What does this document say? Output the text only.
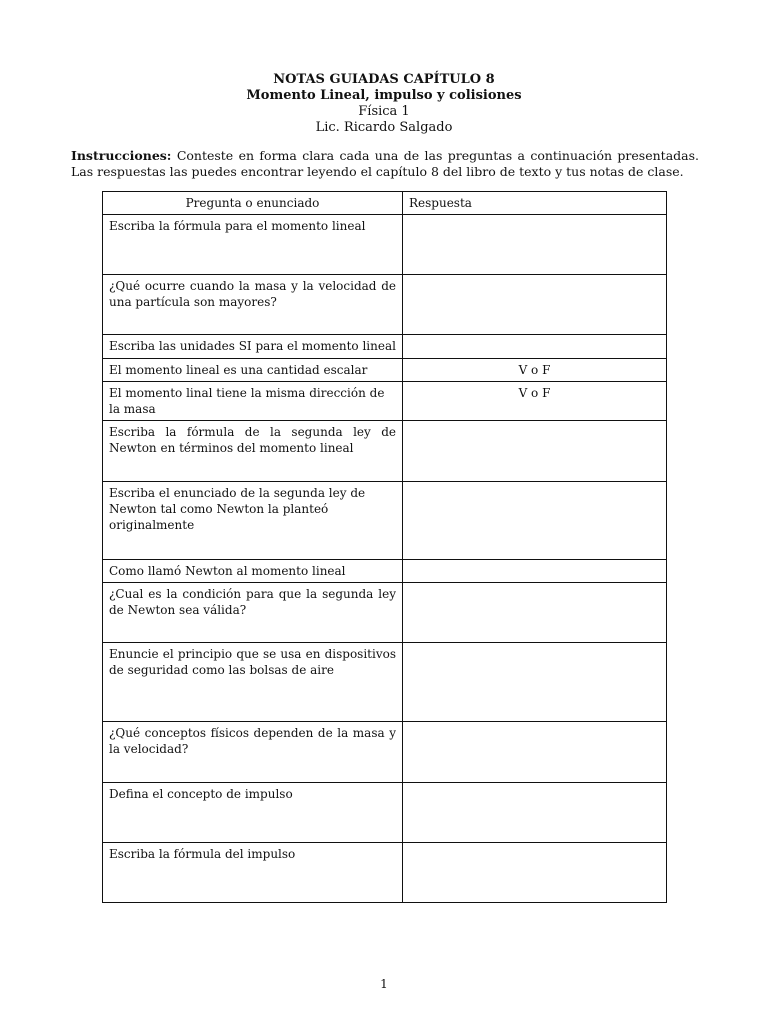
NOTAS GUIADAS CAPÍTULO 8
Momento Lineal, impulso y colisiones
Física 1
Lic. Ricardo Salgado
Instrucciones: Conteste en forma clara cada una de las preguntas a continuación presentadas. Las respuestas las puedes encontrar leyendo el capítulo 8 del libro de texto y tus notas de clase.
Pregunta o enunciado	Respuesta
Escriba la fórmula para el momento lineal	
¿Qué ocurre cuando la masa y la velocidad de una partícula son mayores?	
Escriba las unidades SI para el momento lineal	
El momento lineal es una cantidad escalar	V o F
El momento linal tiene la misma dirección de la masa	V o F
Escriba la fórmula de la segunda ley de Newton en términos del momento lineal	
Escriba el enunciado de la segunda ley de Newton tal como Newton la planteó originalmente	
Como llamó Newton al momento lineal	
¿Cual es la condición para que la segunda ley de Newton sea válida?	
Enuncie el principio que se usa en dispositivos de seguridad como las bolsas de aire	
¿Qué conceptos físicos dependen de la masa y la velocidad?	
Defina el concepto de impulso	
Escriba la fórmula del impulso	
1
